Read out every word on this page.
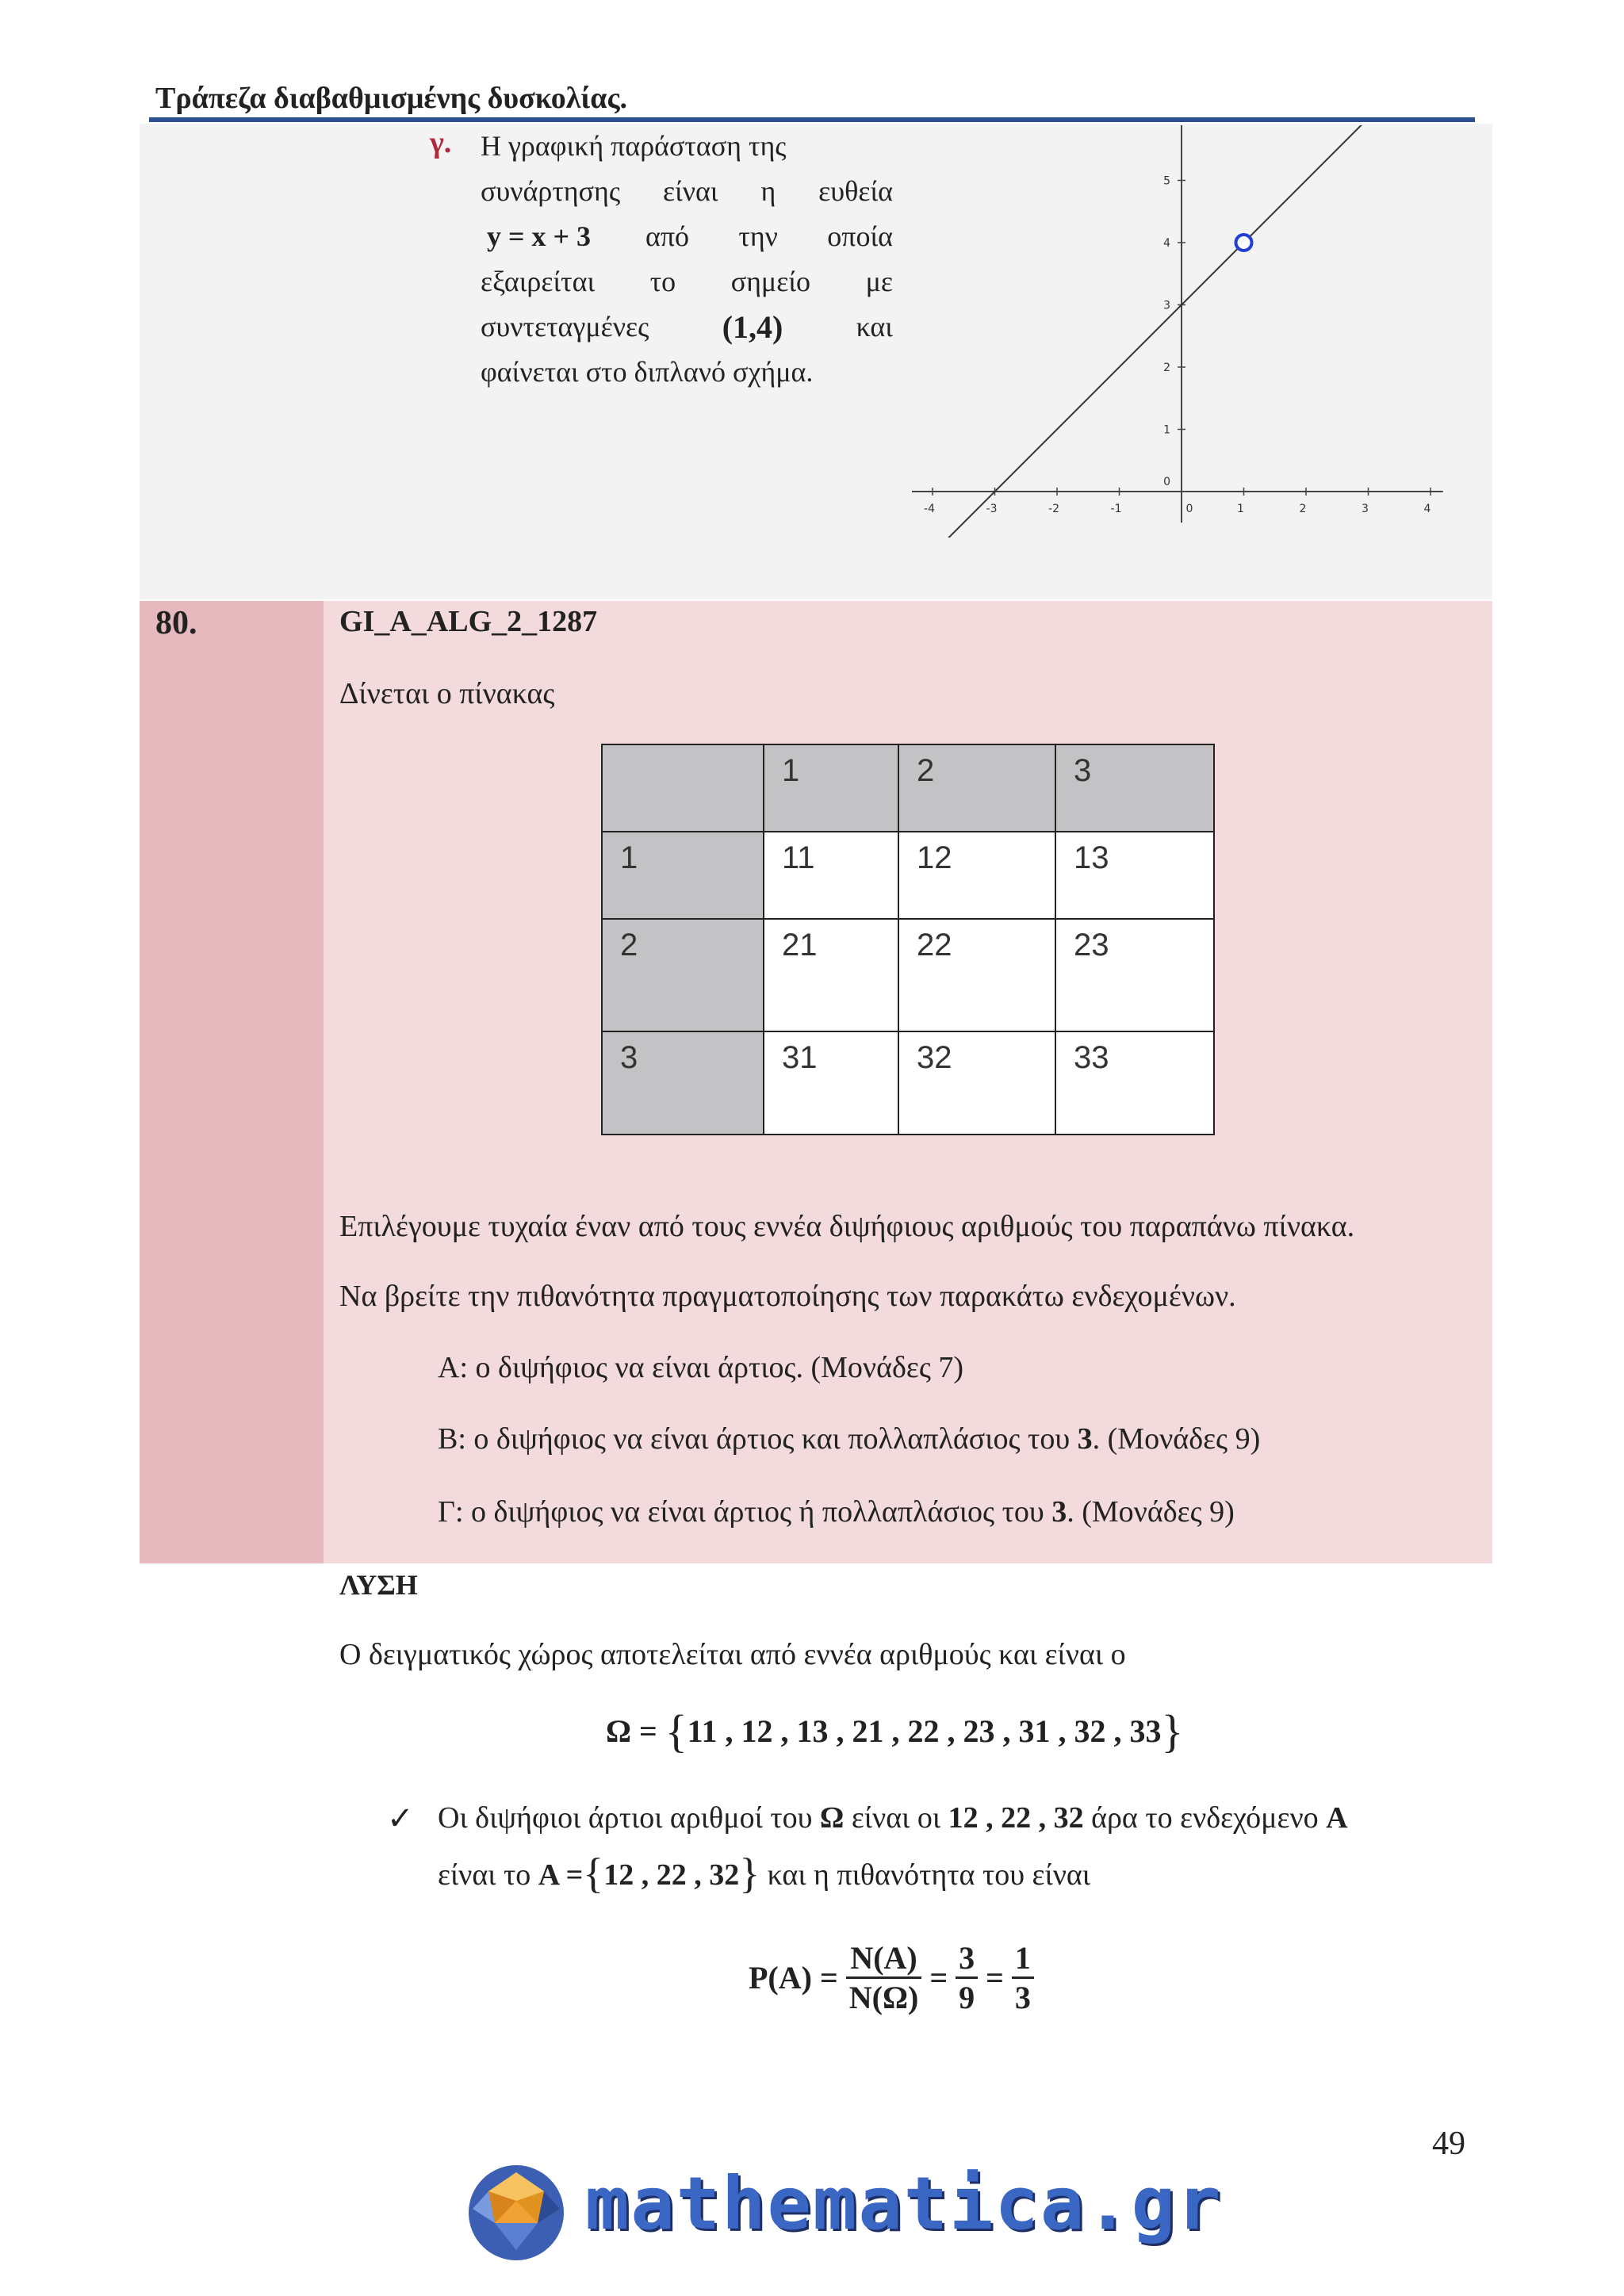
Τράπεζα διαβαθμισμένης δυσκολίας.
γ. Η γραφική παράσταση της
συνάρτησης είναι η ευθεία
y = x + 3 από την οποία
εξαιρείται το σημείο με
συντεταγμένες (1,4)	και
φαίνεται στο διπλανό σχήμα.
-4	-3	-2	-1	0	1	2	3	4
1
2
3
4
5
0
80.	GI_A_ALG_2_1287
Δίνεται ο πίνακας
	1	2	3
1	11	12	13
2	21	22	23
3	31	32	33
Επιλέγουμε τυχαία έναν από τους εννέα διψήφιους αριθμούς του παραπάνω πίνακα.
Να βρείτε την πιθανότητα πραγματοποίησης των παρακάτω ενδεχομένων.
Α: ο διψήφιος να είναι άρτιος. (Μονάδες 7)
Β: ο διψήφιος να είναι άρτιος και πολλαπλάσιος του 3. (Μονάδες 9)
Γ: ο διψήφιος να είναι άρτιος ή πολλαπλάσιος του 3. (Μονάδες 9)
ΛΥΣΗ
Ο δειγματικός χώρος αποτελείται από εννέα αριθμούς και είναι ο
Ω = {11 , 12 , 13 , 21 , 22 , 23 , 31 , 32 , 33}
✓ Οι διψήφιοι άρτιοι αριθμοί του Ω είναι οι 12 , 22 , 32 άρα το ενδεχόμενο Α
είναι το Α ={12 , 22 , 32} και η πιθανότητα του είναι
$P(A) = \frac{N(A)}{N(\Omega)} = \frac{3}{9} = \frac{1}{3}$
49
mathematica.gr
